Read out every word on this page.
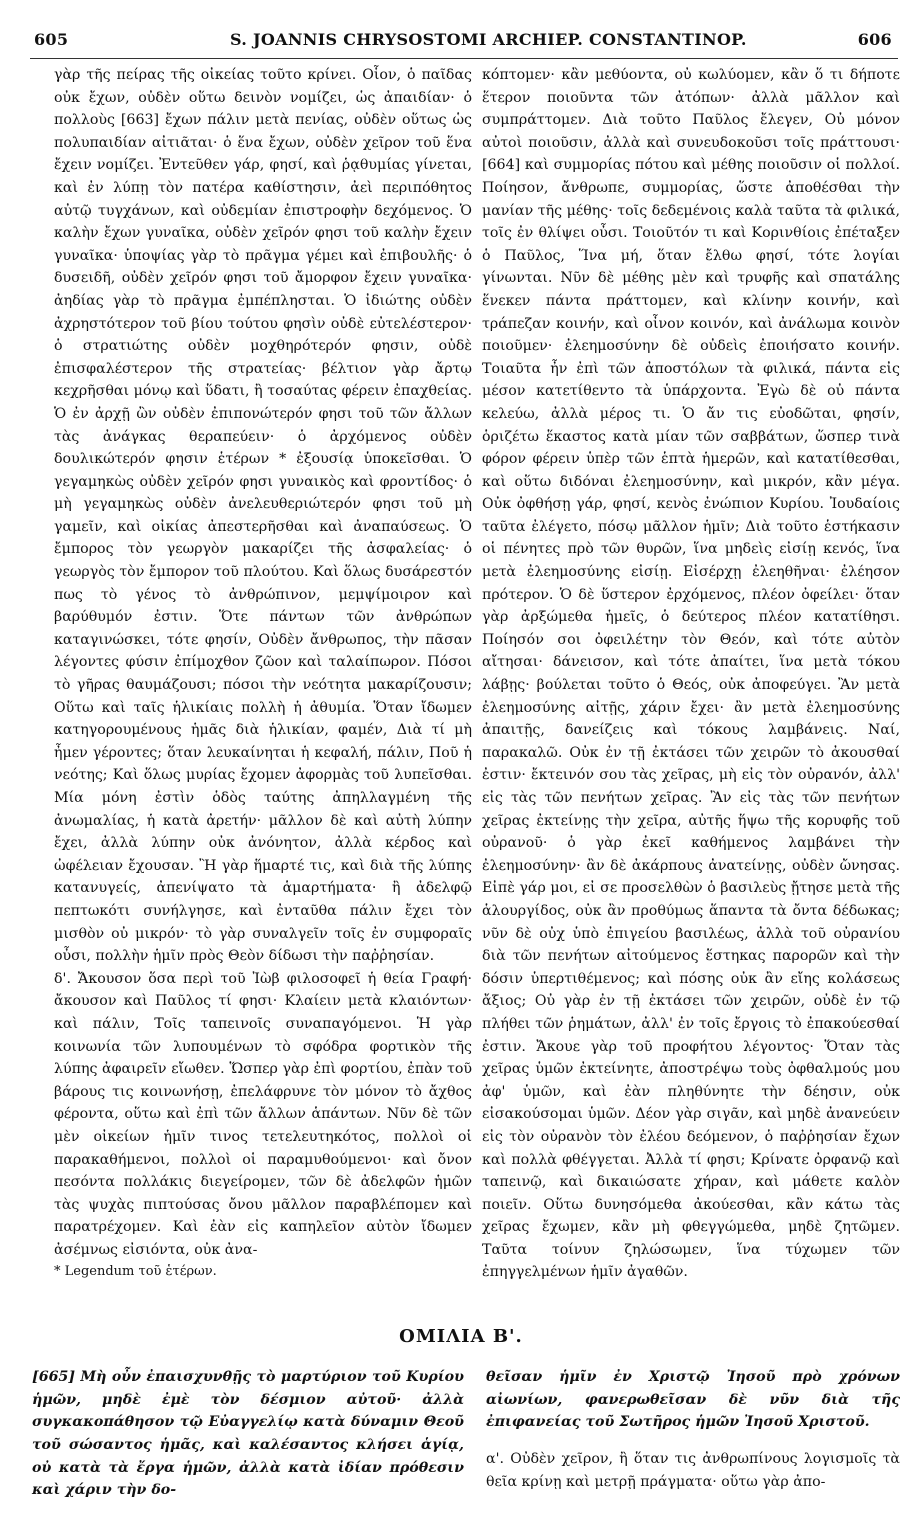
605	S. JOANNIS CHRYSOSTOMI ARCHIEP. CONSTANTINOP.	606

γὰρ τῆς πείρας τῆς οἰκείας τοῦτο κρίνει. Οἷον, ὁ παῖδας οὐκ ἔχων, οὐδὲν οὕτω δεινὸν νομίζει, ὡς ἀπαιδίαν· ὁ πολλοὺς [663] ἔχων πάλιν μετὰ πενίας, οὐδὲν οὕτως ὡς πολυπαιδίαν αἰτιᾶται· ὁ ἕνα ἔχων, οὐδὲν χεῖρον τοῦ ἕνα ἔχειν νομίζει. Ἐντεῦθεν γάρ, φησί, καὶ ῥᾳθυμίας γίνεται, καὶ ἐν λύπῃ τὸν πατέρα καθίστησιν, ἀεὶ περιπόθητος αὐτῷ τυγχάνων, καὶ οὐδεμίαν ἐπιστροφὴν δεχόμενος. Ὁ καλὴν ἔχων γυναῖκα, οὐδὲν χεῖρόν φησι τοῦ καλὴν ἔχειν γυναῖκα· ὑποψίας γὰρ τὸ πρᾶγμα γέμει καὶ ἐπιβουλῆς· ὁ δυσειδῆ, οὐδὲν χεῖρόν φησι τοῦ ἄμορφον ἔχειν γυναῖκα· ἀηδίας γὰρ τὸ πρᾶγμα ἐμπέπλησται. Ὁ ἰδιώτης οὐδὲν ἀχρηστότερον τοῦ βίου τούτου φησὶν οὐδὲ εὐτελέστερον· ὁ στρατιώτης οὐδὲν μοχθηρότερόν φησιν, οὐδὲ ἐπισφαλέστερον τῆς στρατείας· βέλτιον γὰρ ἄρτῳ κεχρῆσθαι μόνῳ καὶ ὕδατι, ἢ τοσαύτας φέρειν ἐπαχθείας. Ὁ ἐν ἀρχῇ ὢν οὐδὲν ἐπιπονώτερόν φησι τοῦ τῶν ἄλλων τὰς ἀνάγκας θεραπεύειν· ὁ ἀρχόμενος οὐδὲν δουλικώτερόν φησιν ἑτέρων * ἐξουσίᾳ ὑποκεῖσθαι. Ὁ γεγαμηκὼς οὐδὲν χεῖρόν φησι γυναικὸς καὶ φροντίδος· ὁ μὴ γεγαμηκὼς οὐδὲν ἀνελευθεριώτερόν φησι τοῦ μὴ γαμεῖν, καὶ οἰκίας ἀπεστερῆσθαι καὶ ἀναπαύσεως. Ὁ ἔμπορος τὸν γεωργὸν μακαρίζει τῆς ἀσφαλείας· ὁ γεωργὸς τὸν ἔμπορον τοῦ πλούτου. Καὶ ὅλως δυσάρεστόν πως τὸ γένος τὸ ἀνθρώπινον, μεμψίμοιρον καὶ βαρύθυμόν ἐστιν. Ὅτε πάντων τῶν ἀνθρώπων καταγινώσκει, τότε φησίν, Οὐδὲν ἄνθρωπος, τὴν πᾶσαν λέγοντες φύσιν ἐπίμοχθον ζῶον καὶ ταλαίπωρον. Πόσοι τὸ γῆρας θαυμάζουσι; πόσοι τὴν νεότητα μακαρίζουσιν; Οὕτω καὶ ταῖς ἡλικίαις πολλὴ ἡ ἀθυμία. Ὅταν ἴδωμεν κατηγορουμένους ἡμᾶς διὰ ἡλικίαν, φαμέν, Διὰ τί μὴ ἦμεν γέροντες; ὅταν λευκαίνηται ἡ κεφαλή, πάλιν, Ποῦ ἡ νεότης; Καὶ ὅλως μυρίας ἔχομεν ἀφορμὰς τοῦ λυπεῖσθαι. Μία μόνη ἐστὶν ὁδὸς ταύτης ἀπηλλαγμένη τῆς ἀνωμαλίας, ἡ κατὰ ἀρετήν· μᾶλλον δὲ καὶ αὐτὴ λύπην ἔχει, ἀλλὰ λύπην οὐκ ἀνόνητον, ἀλλὰ κέρδος καὶ ὠφέλειαν ἔχουσαν. Ἢ γὰρ ἥμαρτέ τις, καὶ διὰ τῆς λύπης κατανυγείς, ἀπενίψατο τὰ ἁμαρτήματα· ἢ ἀδελφῷ πεπτωκότι συνήλγησε, καὶ ἐνταῦθα πάλιν ἔχει τὸν μισθὸν οὐ μικρόν· τὸ γὰρ συναλγεῖν τοῖς ἐν συμφοραῖς οὖσι, πολλὴν ἡμῖν πρὸς Θεὸν δίδωσι τὴν παῤῥησίαν.

δ'. Ἄκουσον ὅσα περὶ τοῦ Ἰὼβ φιλοσοφεῖ ἡ θεία Γραφή· ἄκουσον καὶ Παῦλος τί φησι· Κλαίειν μετὰ κλαιόντων· καὶ πάλιν, Τοῖς ταπεινοῖς συναπαγόμενοι. Ἡ γὰρ κοινωνία τῶν λυπουμένων τὸ σφόδρα φορτικὸν τῆς λύπης ἀφαιρεῖν εἴωθεν. Ὥσπερ γὰρ ἐπὶ φορτίου, ἐπὰν τοῦ βάρους τις κοινωνήσῃ, ἐπελάφρυνε τὸν μόνον τὸ ἄχθος φέροντα, οὕτω καὶ ἐπὶ τῶν ἄλλων ἁπάντων. Νῦν δὲ τῶν μὲν οἰκείων ἡμῖν τινος τετελευτηκότος, πολλοὶ οἱ παρακαθήμενοι, πολλοὶ οἱ παραμυθούμενοι· καὶ ὄνον πεσόντα πολλάκις διεγείρομεν, τῶν δὲ ἀδελφῶν ἡμῶν τὰς ψυχὰς πιπτούσας ὄνου μᾶλλον παραβλέπομεν καὶ παρατρέχομεν. Καὶ ἐὰν εἰς καπηλεῖον αὐτὸν ἴδωμεν ἀσέμνως εἰσιόντα, οὐκ ἀνα-

* Legendum τοῦ ἑτέρων.

κόπτομεν· κἂν μεθύοντα, οὐ κωλύομεν, κἂν ὅ τι δήποτε ἕτερον ποιοῦντα τῶν ἀτόπων· ἀλλὰ μᾶλλον καὶ συμπράττομεν. Διὰ τοῦτο Παῦλος ἔλεγεν, Οὐ μόνον αὐτοὶ ποιοῦσιν, ἀλλὰ καὶ συνευδοκοῦσι τοῖς πράττουσι· [664] καὶ συμμορίας πότου καὶ μέθης ποιοῦσιν οἱ πολλοί. Ποίησον, ἄνθρωπε, συμμορίας, ὥστε ἀποθέσθαι τὴν μανίαν τῆς μέθης· τοῖς δεδεμένοις καλὰ ταῦτα τὰ φιλικά, τοῖς ἐν θλίψει οὖσι. Τοιοῦτόν τι καὶ Κορινθίοις ἐπέταξεν ὁ Παῦλος, Ἵνα μή, ὅταν ἔλθω φησί, τότε λογίαι γίνωνται. Νῦν δὲ μέθης μὲν καὶ τρυφῆς καὶ σπατάλης ἕνεκεν πάντα πράττομεν, καὶ κλίνην κοινήν, καὶ τράπεζαν κοινήν, καὶ οἶνον κοινόν, καὶ ἀνάλωμα κοινὸν ποιοῦμεν· ἐλεημοσύνην δὲ οὐδεὶς ἐποιήσατο κοινήν. Τοιαῦτα ἦν ἐπὶ τῶν ἀποστόλων τὰ φιλικά, πάντα εἰς μέσον κατετίθεντο τὰ ὑπάρχοντα. Ἐγὼ δὲ οὐ πάντα κελεύω, ἀλλὰ μέρος τι. Ὁ ἄν τις εὐοδῶται, φησίν, ὁριζέτω ἕκαστος κατὰ μίαν τῶν σαββάτων, ὥσπερ τινὰ φόρον φέρειν ὑπὲρ τῶν ἑπτὰ ἡμερῶν, καὶ κατατίθεσθαι, καὶ οὕτω διδόναι ἐλεημοσύνην, καὶ μικρόν, κἂν μέγα. Οὐκ ὀφθήσῃ γάρ, φησί, κενὸς ἐνώπιον Κυρίου. Ἰουδαίοις ταῦτα ἐλέγετο, πόσῳ μᾶλλον ἡμῖν; Διὰ τοῦτο ἑστήκασιν οἱ πένητες πρὸ τῶν θυρῶν, ἵνα μηδεὶς εἰσίῃ κενός, ἵνα μετὰ ἐλεημοσύνης εἰσίῃ. Εἰσέρχῃ ἐλεηθῆναι· ἐλέησον πρότερον. Ὁ δὲ ὕστερον ἐρχόμενος, πλέον ὀφείλει· ὅταν γὰρ ἀρξώμεθα ἡμεῖς, ὁ δεύτερος πλέον κατατίθησι. Ποίησόν σοι ὀφειλέτην τὸν Θεόν, καὶ τότε αὐτὸν αἴτησαι· δάνεισον, καὶ τότε ἀπαίτει, ἵνα μετὰ τόκου λάβῃς· βούλεται τοῦτο ὁ Θεός, οὐκ ἀποφεύγει. Ἂν μετὰ ἐλεημοσύνης αἰτῇς, χάριν ἔχει· ἂν μετὰ ἐλεημοσύνης ἀπαιτῇς, δανείζεις καὶ τόκους λαμβάνεις. Ναί, παρακαλῶ. Οὐκ ἐν τῇ ἐκτάσει τῶν χειρῶν τὸ ἀκουσθαί ἐστιν· ἔκτεινόν σου τὰς χεῖρας, μὴ εἰς τὸν οὐρανόν, ἀλλ' εἰς τὰς τῶν πενήτων χεῖρας. Ἂν εἰς τὰς τῶν πενήτων χεῖρας ἐκτείνῃς τὴν χεῖρα, αὐτῆς ἥψω τῆς κορυφῆς τοῦ οὐρανοῦ· ὁ γὰρ ἐκεῖ καθήμενος λαμβάνει τὴν ἐλεημοσύνην· ἂν δὲ ἀκάρπους ἀνατείνῃς, οὐδὲν ὤνησας. Εἰπὲ γάρ μοι, εἰ σε προσελθὼν ὁ βασιλεὺς ᾔτησε μετὰ τῆς ἁλουργίδος, οὐκ ἂν προθύμως ἅπαντα τὰ ὄντα δέδωκας; νῦν δὲ οὐχ ὑπὸ ἐπιγείου βασιλέως, ἀλλὰ τοῦ οὐρανίου διὰ τῶν πενήτων αἰτούμενος ἕστηκας παρορῶν καὶ τὴν δόσιν ὑπερτιθέμενος; καὶ πόσης οὐκ ἂν εἴης κολάσεως ἄξιος; Οὐ γὰρ ἐν τῇ ἐκτάσει τῶν χειρῶν, οὐδὲ ἐν τῷ πλήθει τῶν ῥημάτων, ἀλλ' ἐν τοῖς ἔργοις τὸ ἐπακούεσθαί ἐστιν. Ἄκουε γὰρ τοῦ προφήτου λέγοντος· Ὅταν τὰς χεῖρας ὑμῶν ἐκτείνητε, ἀποστρέψω τοὺς ὀφθαλμούς μου ἀφ' ὑμῶν, καὶ ἐὰν πληθύνητε τὴν δέησιν, οὐκ εἰσακούσομαι ὑμῶν. Δέον γὰρ σιγᾶν, καὶ μηδὲ ἀνανεύειν εἰς τὸν οὐρανὸν τὸν ἐλέου δεόμενον, ὁ παῤῥησίαν ἔχων καὶ πολλὰ φθέγγεται. Ἀλλὰ τί φησι; Κρίνατε ὀρφανῷ καὶ ταπεινῷ, καὶ δικαιώσατε χήραν, καὶ μάθετε καλὸν ποιεῖν. Οὕτω δυνησόμεθα ἀκούεσθαι, κἂν κάτω τὰς χεῖρας ἔχωμεν, κἂν μὴ φθεγγώμεθα, μηδὲ ζητῶμεν. Ταῦτα τοίνυν ζηλώσωμεν, ἵνα τύχωμεν τῶν ἐπηγγελμένων ἡμῖν ἀγαθῶν.

ΟΜΙΛΙΑ Β'.

[665] Μὴ οὖν ἐπαισχυνθῇς τὸ μαρτύριον τοῦ Κυρίου ἡμῶν, μηδὲ ἐμὲ τὸν δέσμιον αὐτοῦ· ἀλλὰ συγκακοπάθησον τῷ Εὐαγγελίῳ κατὰ δύναμιν Θεοῦ τοῦ σώσαντος ἡμᾶς, καὶ καλέσαντος κλήσει ἁγίᾳ, οὐ κατὰ τὰ ἔργα ἡμῶν, ἀλλὰ κατὰ ἰδίαν πρόθεσιν καὶ χάριν τὴν δο-

θεῖσαν ἡμῖν ἐν Χριστῷ Ἰησοῦ πρὸ χρόνων αἰωνίων, φανερωθεῖσαν δὲ νῦν διὰ τῆς ἐπιφανείας τοῦ Σωτῆρος ἡμῶν Ἰησοῦ Χριστοῦ.

α'. Οὐδὲν χεῖρον, ἢ ὅταν τις ἀνθρωπίνους λογισμοῖς τὰ θεῖα κρίνῃ καὶ μετρῇ πράγματα· οὕτω γὰρ ἀπο-
